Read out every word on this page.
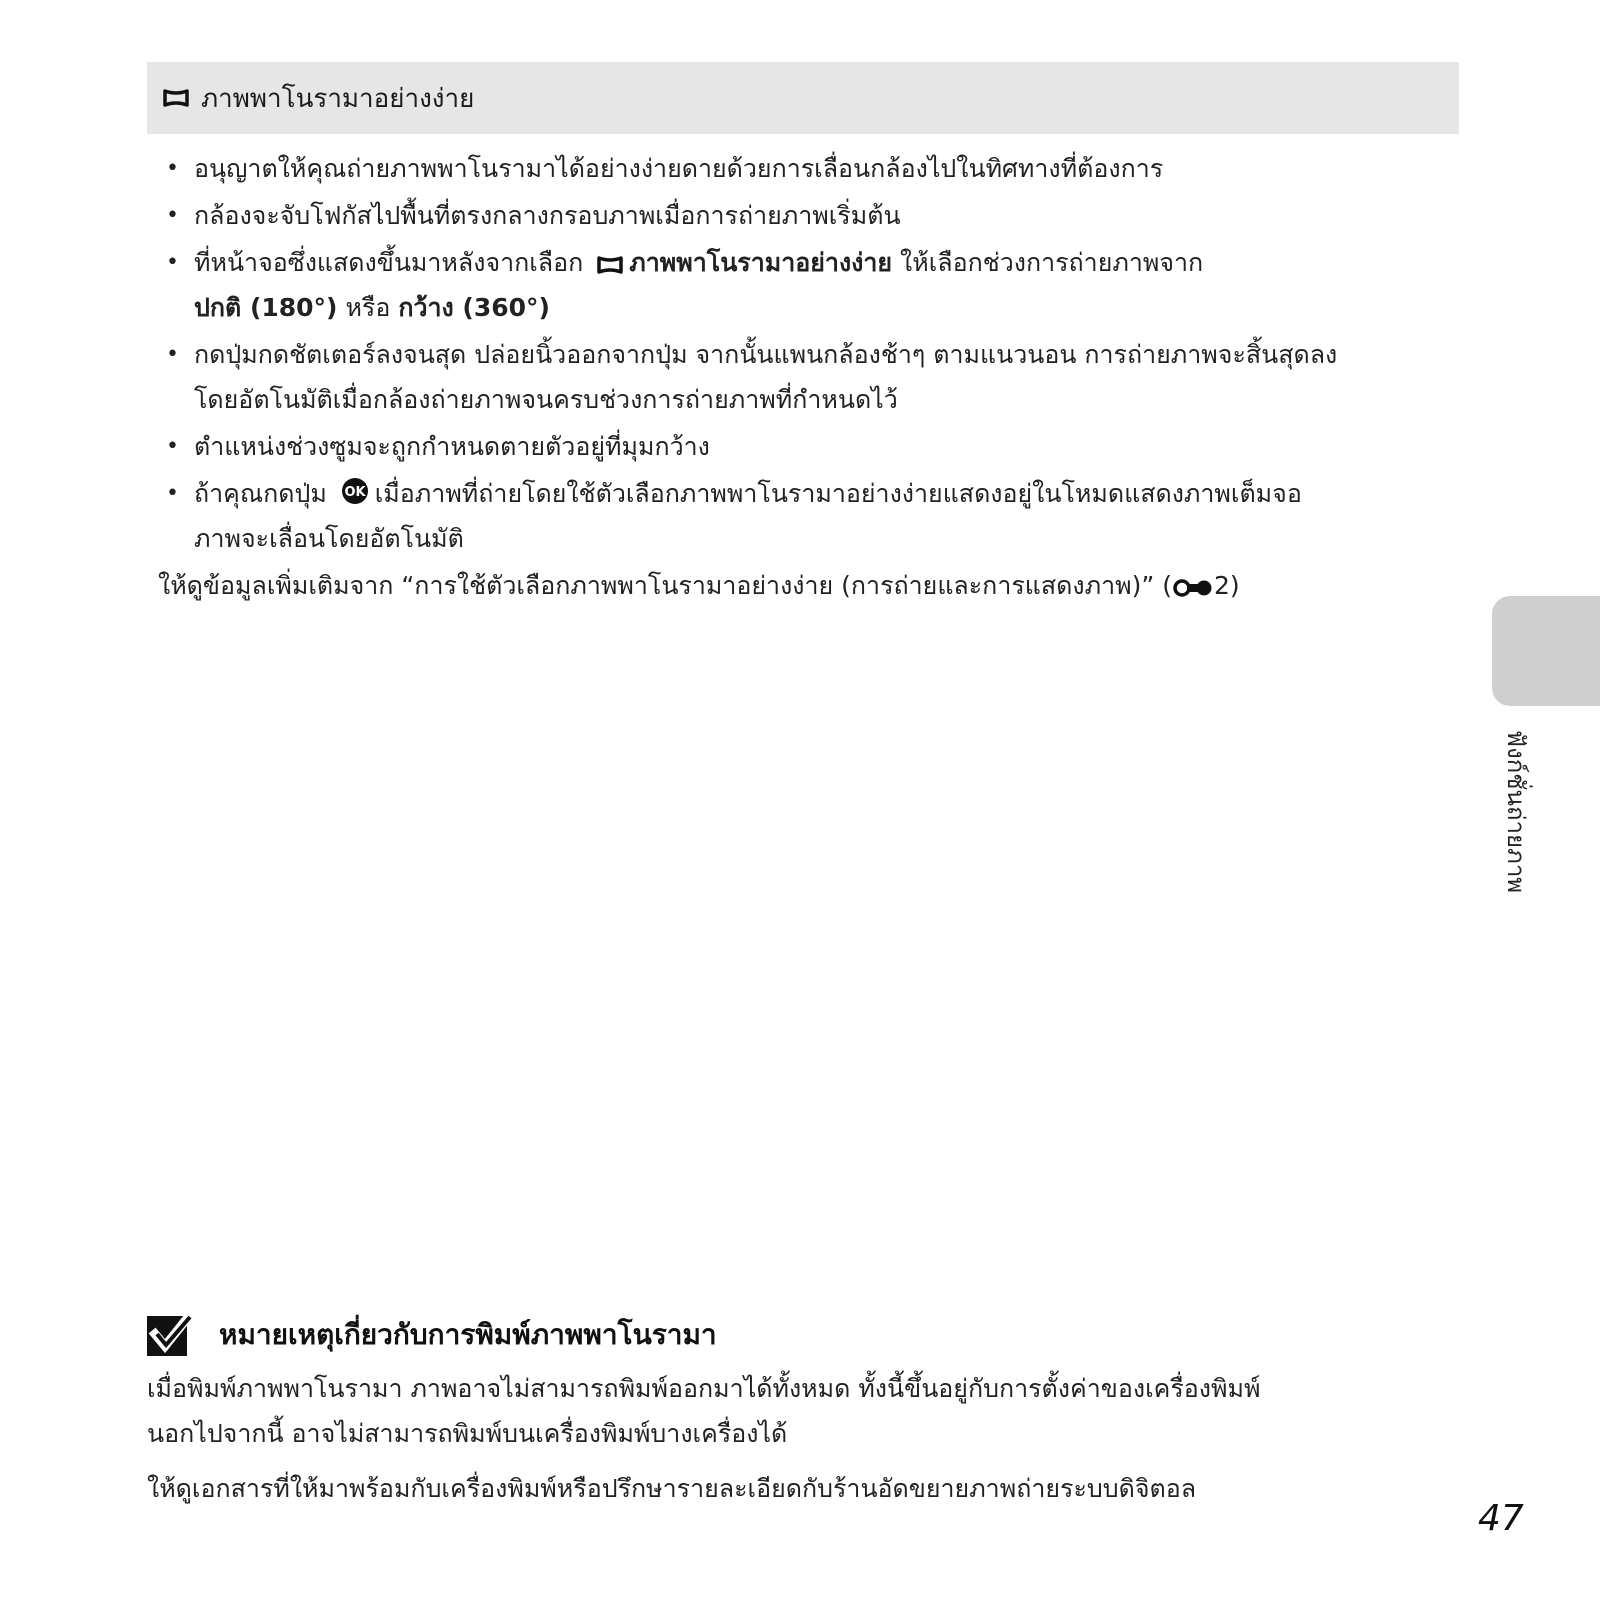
ภาพพาโนรามาอย่างง่าย
• อนุญาตให้คุณถ่ายภาพพาโนรามาได้อย่างง่ายดายด้วยการเลื่อนกล้องไปในทิศทางที่ต้องการ
• กล้องจะจับโฟกัสไปพื้นที่ตรงกลางกรอบภาพเมื่อการถ่ายภาพเริ่มต้น
• ที่หน้าจอซึ่งแสดงขึ้นมาหลังจากเลือก ภาพพาโนรามาอย่างง่าย ให้เลือกช่วงการถ่ายภาพจาก
ปกติ (180°) หรือ กว้าง (360°)
• กดปุ่มกดชัตเตอร์ลงจนสุด ปล่อยนิ้วออกจากปุ่ม จากนั้นแพนกล้องช้าๆ ตามแนวนอน การถ่ายภาพจะสิ้นสุดลง
โดยอัตโนมัติเมื่อกล้องถ่ายภาพจนครบช่วงการถ่ายภาพที่กำหนดไว้
• ตำแหน่งช่วงซูมจะถูกกำหนดตายตัวอยู่ที่มุมกว้าง
• ถ้าคุณกดปุ่ม OK เมื่อภาพที่ถ่ายโดยใช้ตัวเลือกภาพพาโนรามาอย่างง่ายแสดงอยู่ในโหมดแสดงภาพเต็มจอ
ภาพจะเลื่อนโดยอัตโนมัติ

ให้ดูข้อมูลเพิ่มเติมจาก “การใช้ตัวเลือกภาพพาโนรามาอย่างง่าย (การถ่ายและการแสดงภาพ)” ( 2)

ฟังก์ชั่นถ่ายภาพ
หมายเหตุเกี่ยวกับการพิมพ์ภาพพาโนรามา

เมื่อพิมพ์ภาพพาโนรามา ภาพอาจไม่สามารถพิมพ์ออกมาได้ทั้งหมด ทั้งนี้ขึ้นอยู่กับการตั้งค่าของเครื่องพิมพ์
นอกไปจากนี้ อาจไม่สามารถพิมพ์บนเครื่องพิมพ์บางเครื่องได้

ให้ดูเอกสารที่ให้มาพร้อมกับเครื่องพิมพ์หรือปรึกษารายละเอียดกับร้านอัดขยายภาพถ่ายระบบดิจิตอล

47
